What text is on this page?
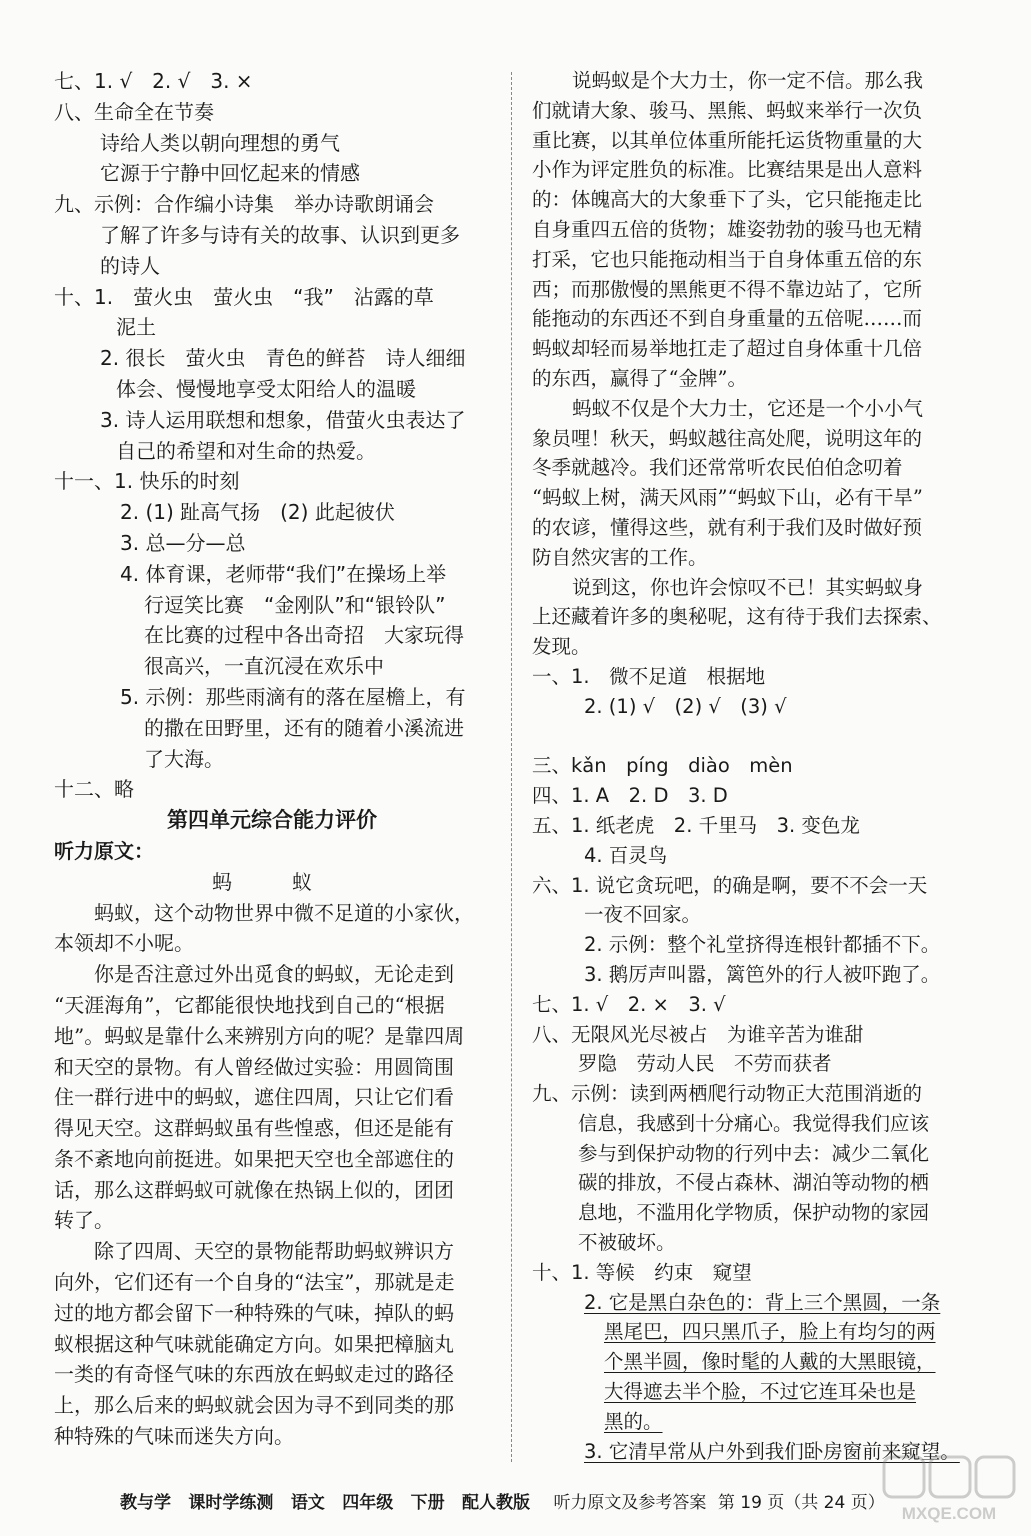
七、1. √　2. √　3. ×
八、生命全在节奏
诗给人类以朝向理想的勇气
它源于宁静中回忆起来的情感
九、示例：合作编小诗集　举办诗歌朗诵会
了解了许多与诗有关的故事、认识到更多
的诗人
十、1.　萤火虫　萤火虫　“我”　沾露的草
泥土
2. 很长　萤火虫　青色的鲜苔　诗人细细
体会、慢慢地享受太阳给人的温暖
3. 诗人运用联想和想象，借萤火虫表达了
自己的希望和对生命的热爱。
十一、1. 快乐的时刻
2. (1) 趾高气扬　(2) 此起彼伏
3. 总—分—总
4. 体育课，老师带“我们”在操场上举
行逗笑比赛　“金刚队”和“银铃队”
在比赛的过程中各出奇招　大家玩得
很高兴，一直沉浸在欢乐中
5. 示例：那些雨滴有的落在屋檐上，有
的撒在田野里，还有的随着小溪流进
了大海。
十二、略
第四单元综合能力评价
听力原文：
蚂　蚁
蚂蚁，这个动物世界中微不足道的小家伙，
本领却不小呢。
你是否注意过外出觅食的蚂蚁，无论走到
“天涯海角”，它都能很快地找到自己的“根据
地”。蚂蚁是靠什么来辨别方向的呢？是靠四周
和天空的景物。有人曾经做过实验：用圆筒围
住一群行进中的蚂蚁，遮住四周，只让它们看
得见天空。这群蚂蚁虽有些惶惑，但还是能有
条不紊地向前挺进。如果把天空也全部遮住的
话，那么这群蚂蚁可就像在热锅上似的，团团
转了。
除了四周、天空的景物能帮助蚂蚁辨识方
向外，它们还有一个自身的“法宝”，那就是走
过的地方都会留下一种特殊的气味，掉队的蚂
蚁根据这种气味就能确定方向。如果把樟脑丸
一类的有奇怪气味的东西放在蚂蚁走过的路径
上，那么后来的蚂蚁就会因为寻不到同类的那
种特殊的气味而迷失方向。
说蚂蚁是个大力士，你一定不信。那么我
们就请大象、骏马、黑熊、蚂蚁来举行一次负
重比赛，以其单位体重所能托运货物重量的大
小作为评定胜负的标准。比赛结果是出人意料
的：体魄高大的大象垂下了头，它只能拖走比
自身重四五倍的货物；雄姿勃勃的骏马也无精
打采，它也只能拖动相当于自身体重五倍的东
西；而那傲慢的黑熊更不得不靠边站了，它所
能拖动的东西还不到自身重量的五倍呢……而
蚂蚁却轻而易举地扛走了超过自身体重十几倍
的东西，赢得了“金牌”。
蚂蚁不仅是个大力士，它还是一个小小气
象员哩！秋天，蚂蚁越往高处爬，说明这年的
冬季就越冷。我们还常常听农民伯伯念叨着
“蚂蚁上树，满天风雨”“蚂蚁下山，必有干旱”
的农谚，懂得这些，就有利于我们及时做好预
防自然灾害的工作。
说到这，你也许会惊叹不已！其实蚂蚁身
上还藏着许多的奥秘呢，这有待于我们去探索、
发现。
一、1.　微不足道　根据地
2. (1) √　(2) √　(3) √
三、kǎn　píng　diào　mèn
四、1. A　2. D　3. D
五、1. 纸老虎　2. 千里马　3. 变色龙
4. 百灵鸟
六、1. 说它贪玩吧，的确是啊，要不不会一天
一夜不回家。
2. 示例：整个礼堂挤得连根针都插不下。
3. 鹅厉声叫嚣，篱笆外的行人被吓跑了。
七、1. √　2. ×　3. √
八、无限风光尽被占　为谁辛苦为谁甜
罗隐　劳动人民　不劳而获者
九、示例：读到两栖爬行动物正大范围消逝的
信息，我感到十分痛心。我觉得我们应该
参与到保护动物的行列中去：减少二氧化
碳的排放，不侵占森林、湖泊等动物的栖
息地，不滥用化学物质，保护动物的家园
不被破坏。
十、1. 等候　约束　窥望
2. 它是黑白杂色的：背上三个黑圆，一条
黑尾巴，四只黑爪子，脸上有均匀的两
个黑半圆，像时髦的人戴的大黑眼镜，
大得遮去半个脸，不过它连耳朵也是
黑的。
3. 它清早常从户外到我们卧房窗前来窥望。
教与学 课时学练测 语文 四年级 下册 配人教版 听力原文及参考答案 第 19 页（共 24 页）
MXQE.COM
